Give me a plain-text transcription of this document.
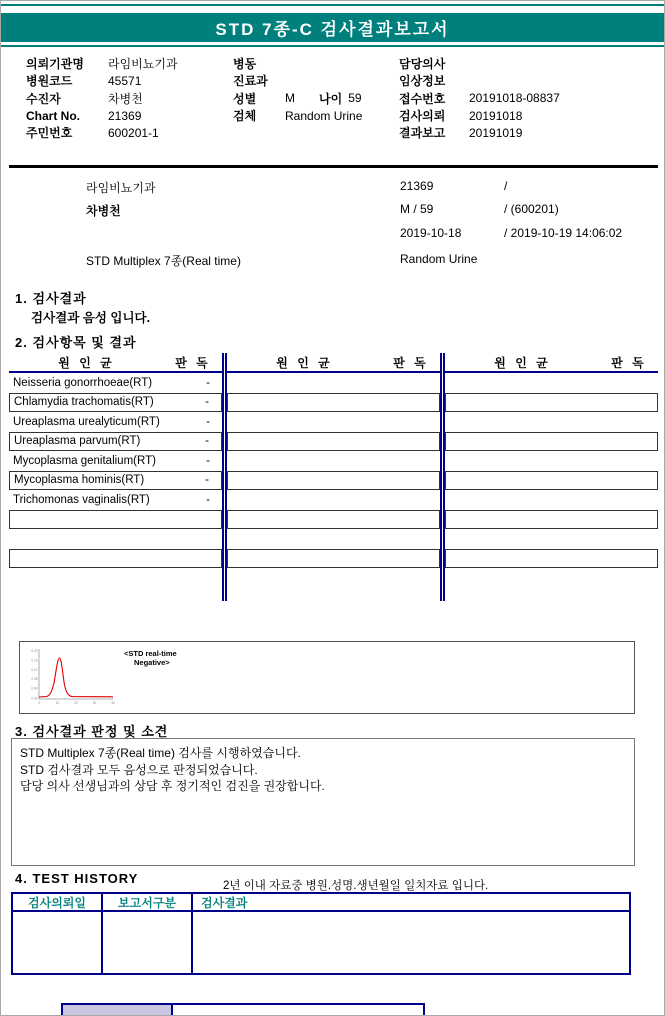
STD 7종-C 검사결과보고서
의뢰기관명	라임비뇨기과
병원코드	45571
수진자	차병천
Chart No.	21369
주민번호	600201-1
병동
진료과
성별	M	나이 59
검체	Random Urine
담당의사
임상정보
접수번호	20191018-08837
검사의뢰	20191018
결과보고	20191019
라임비뇨기과	21369	/
차병천	M / 59	/ (600201)
2019-10-18	/ 2019-10-19 14:06:02
STD Multiplex 7종(Real time)	Random Urine
1. 검사결과
검사결과 음성 입니다.
2. 검사항목 및 결과
원 인 균	판 독
Neisseria gonorrhoeae(RT)	-
Chlamydia trachomatis(RT)	-
Ureaplasma urealyticum(RT)	-
Ureaplasma parvum(RT)	-
Mycoplasma genitalium(RT)	-
Mycoplasma hominis(RT)	-
Trichomonas vaginalis(RT)	-
원 인 균	판 독	원 인 균	판 독
0.20
0.16
0.12
0.08
0.04
0.00
0	10	20	30	40
<STD real-time
Negative>
3. 검사결과 판정 및 소견
STD Multiplex 7종(Real time) 검사를 시행하였습니다.
STD 검사결과 모두 음성으로 판정되었습니다.
담당 의사 선생님과의 상담 후 정기적인 검진을 권장합니다.
4. TEST HISTORY	2년 이내 자료중 병원.성명.생년월일 일치자료 입니다.
검사의뢰일	보고서구분	검사결과
